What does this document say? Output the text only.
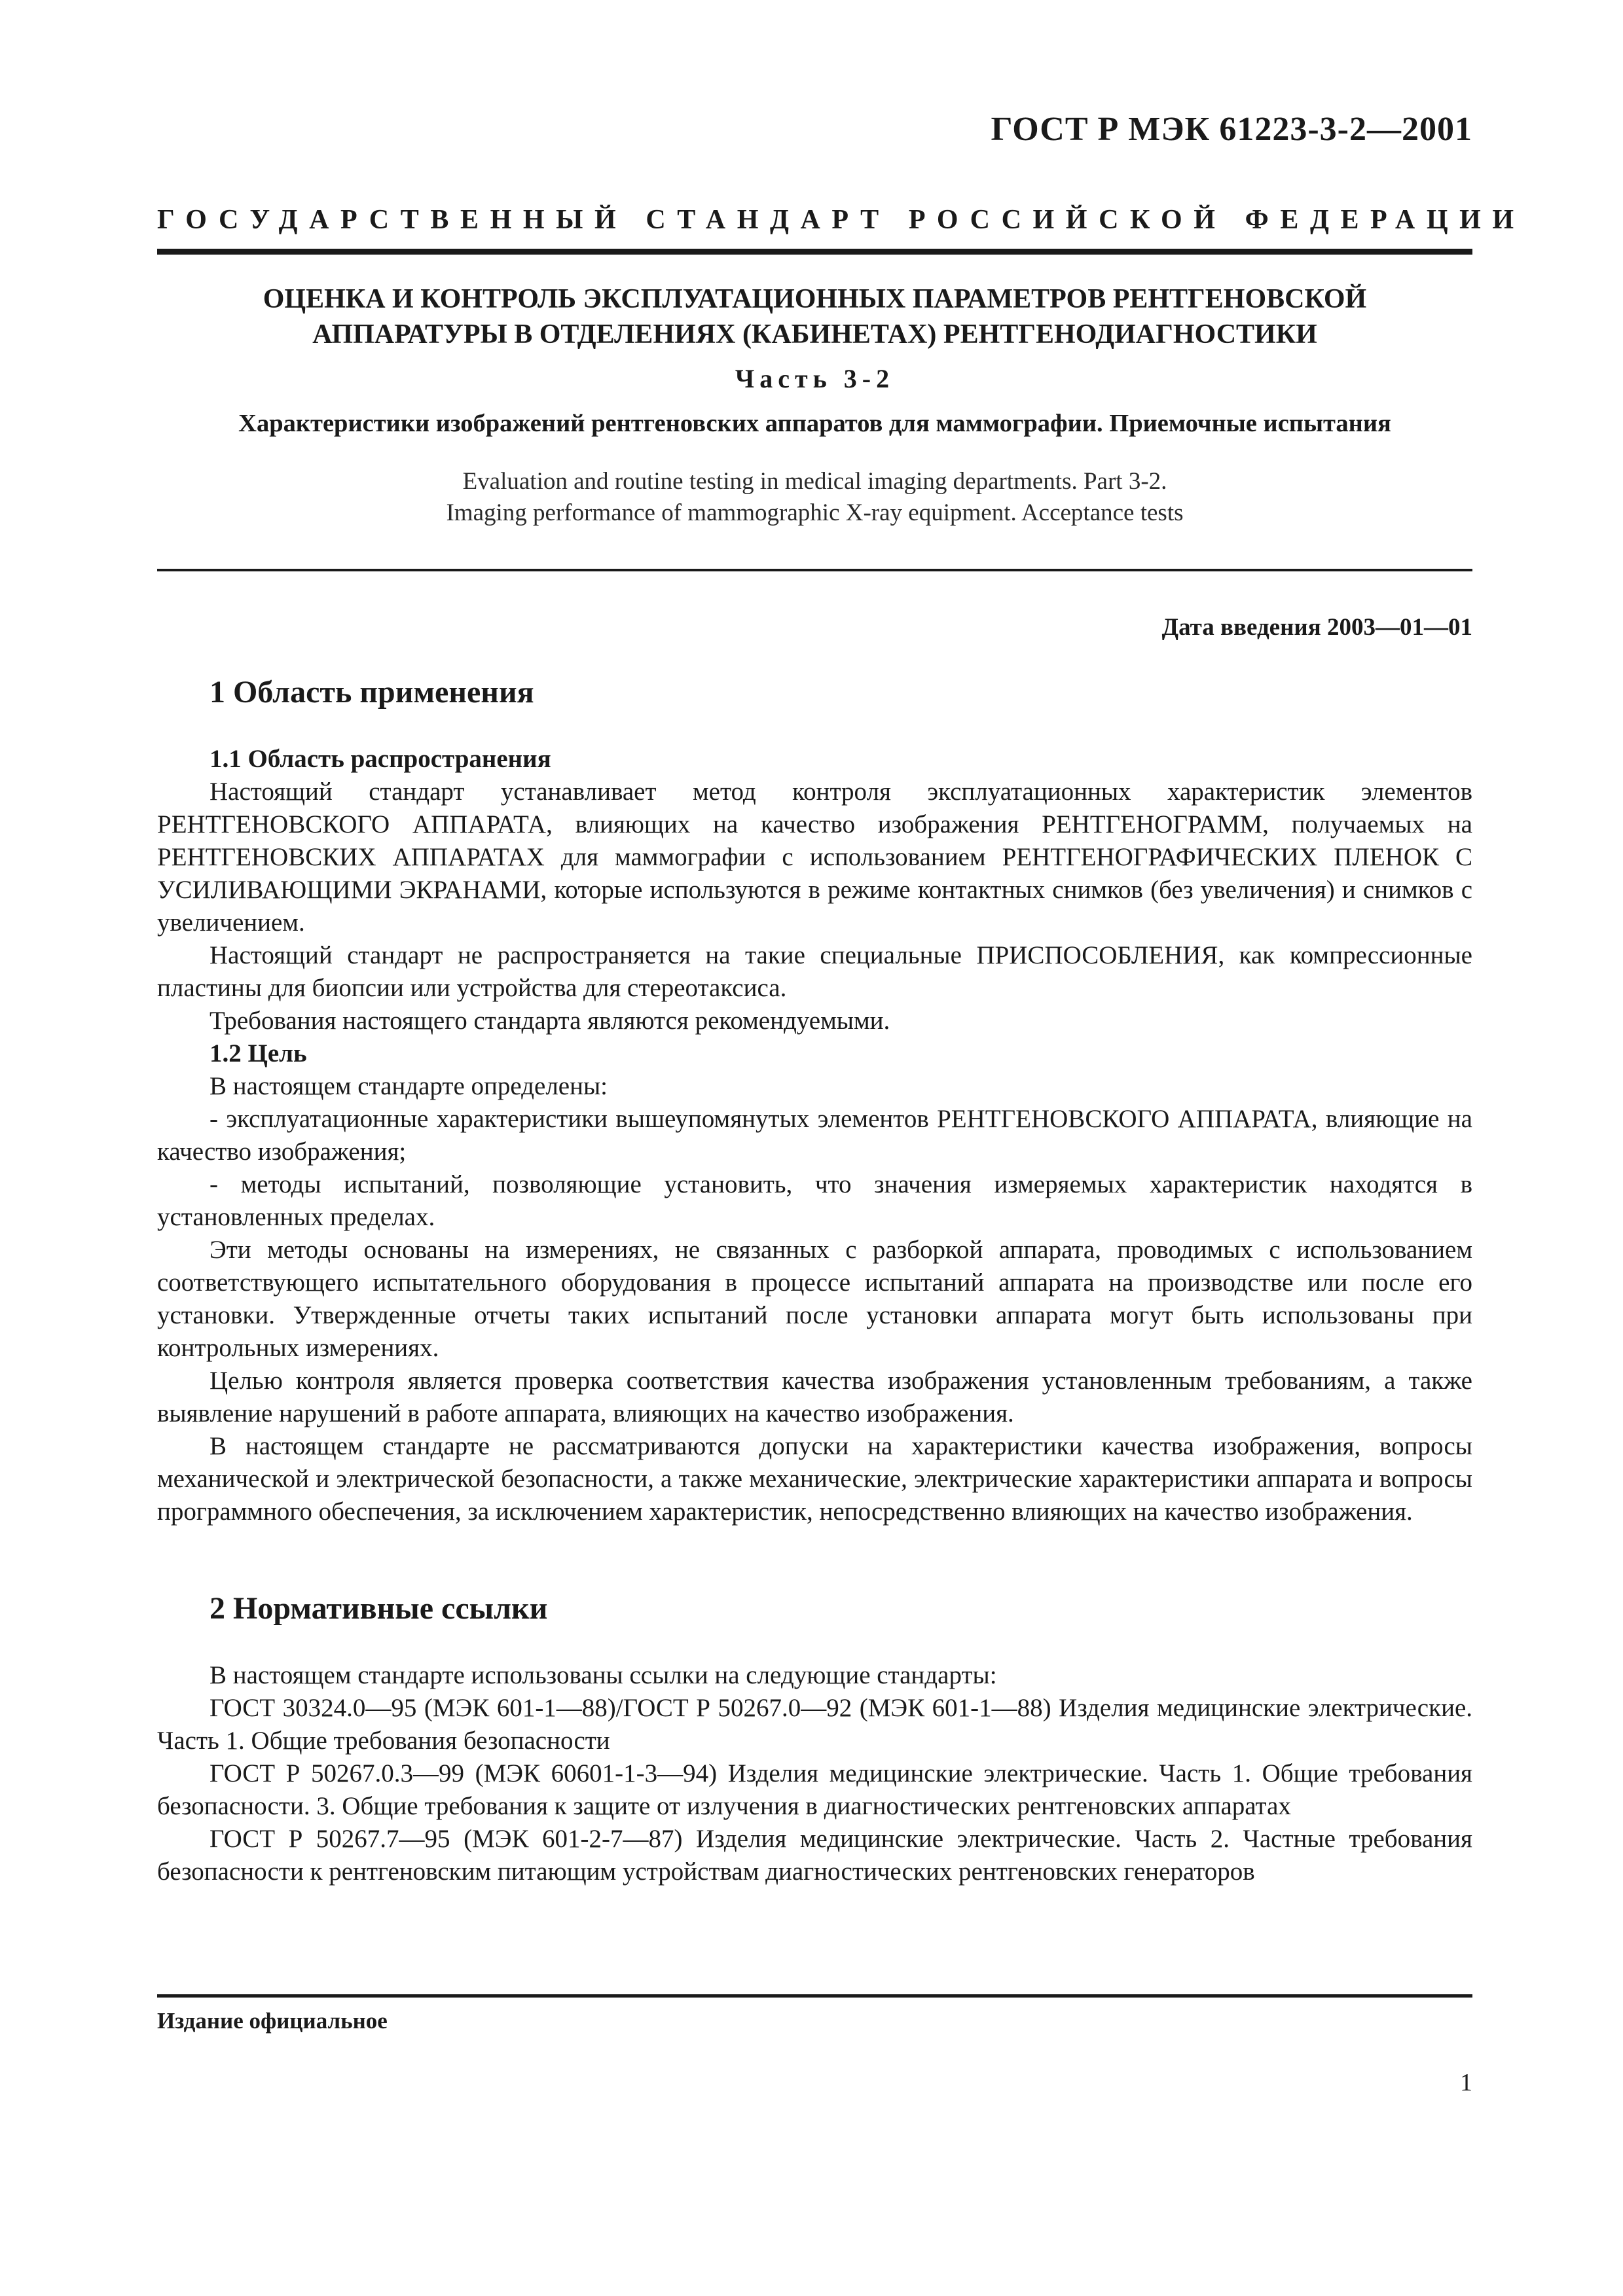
ГОСТ Р МЭК 61223-3-2—2001
ГОСУДАРСТВЕННЫЙ СТАНДАРТ РОССИЙСКОЙ ФЕДЕРАЦИИ
ОЦЕНКА И КОНТРОЛЬ ЭКСПЛУАТАЦИОННЫХ ПАРАМЕТРОВ РЕНТГЕНОВСКОЙ
АППАРАТУРЫ В ОТДЕЛЕНИЯХ (КАБИНЕТАХ) РЕНТГЕНОДИАГНОСТИКИ
Часть 3-2
Характеристики изображений рентгеновских аппаратов для маммографии. Приемочные испытания
Evaluation and routine testing in medical imaging departments. Part 3-2.
Imaging performance of mammographic X-ray equipment. Acceptance tests
Дата введения 2003—01—01
1 Область применения

1.1 Область распространения

Настоящий стандарт устанавливает метод контроля эксплуатационных характеристик элементов РЕНТГЕНОВСКОГО АППАРАТА, влияющих на качество изображения РЕНТГЕНОГРАММ, получаемых на РЕНТГЕНОВСКИХ АППАРАТАХ для маммографии с использованием РЕНТГЕНОГРАФИЧЕСКИХ ПЛЕНОК С УСИЛИВАЮЩИМИ ЭКРАНАМИ, которые используются в режиме контактных снимков (без увеличения) и снимков с увеличением.

Настоящий стандарт не распространяется на такие специальные ПРИСПОСОБЛЕНИЯ, как компрессионные пластины для биопсии или устройства для стереотаксиса.

Требования настоящего стандарта являются рекомендуемыми.

1.2 Цель

В настоящем стандарте определены:

- эксплуатационные характеристики вышеупомянутых элементов РЕНТГЕНОВСКОГО АППАРАТА, влияющие на качество изображения;

- методы испытаний, позволяющие установить, что значения измеряемых характеристик находятся в установленных пределах.

Эти методы основаны на измерениях, не связанных с разборкой аппарата, проводимых с использованием соответствующего испытательного оборудования в процессе испытаний аппарата на производстве или после его установки. Утвержденные отчеты таких испытаний после установки аппарата могут быть использованы при контрольных измерениях.

Целью контроля является проверка соответствия качества изображения установленным требованиям, а также выявление нарушений в работе аппарата, влияющих на качество изображения.

В настоящем стандарте не рассматриваются допуски на характеристики качества изображения, вопросы механической и электрической безопасности, а также механические, электрические характеристики аппарата и вопросы программного обеспечения, за исключением характеристик, непосредственно влияющих на качество изображения.

2 Нормативные ссылки

В настоящем стандарте использованы ссылки на следующие стандарты:

ГОСТ 30324.0—95 (МЭК 601-1—88)/ГОСТ Р 50267.0—92 (МЭК 601-1—88) Изделия медицинские электрические. Часть 1. Общие требования безопасности

ГОСТ Р 50267.0.3—99 (МЭК 60601-1-3—94) Изделия медицинские электрические. Часть 1. Общие требования безопасности. 3. Общие требования к защите от излучения в диагностических рентгеновских аппаратах

ГОСТ Р 50267.7—95 (МЭК 601-2-7—87) Изделия медицинские электрические. Часть 2. Частные требования безопасности к рентгеновским питающим устройствам диагностических рентгеновских генераторов

Издание официальное
1
